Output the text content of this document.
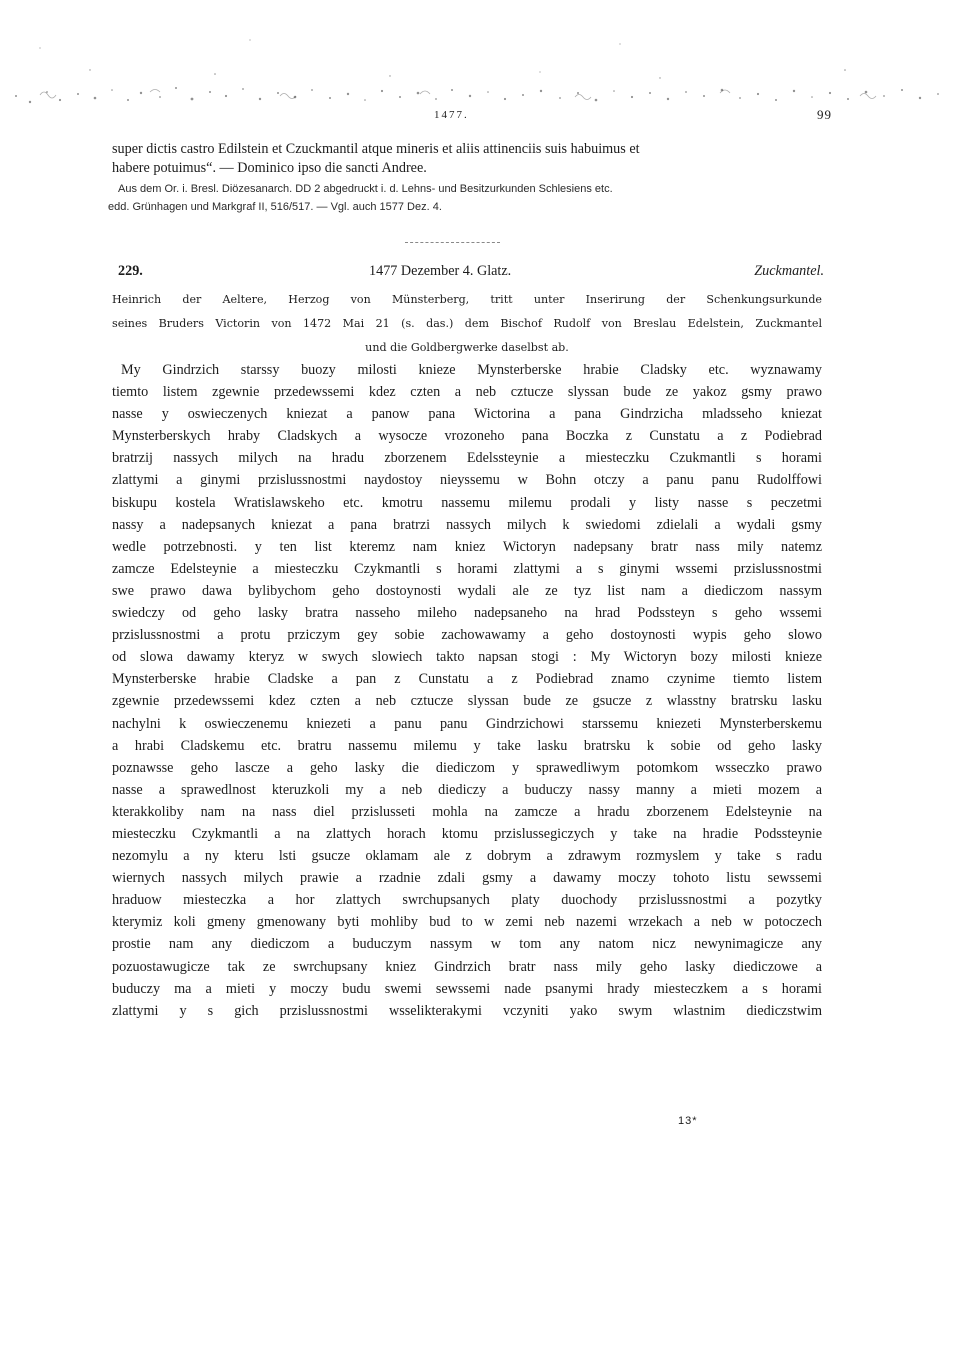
1477.	99
super dictis castro Edilstein et Czuckmantil atque mineris et aliis attinenciis suis habuimus et
habere potuimus“. — Dominico ipso die sancti Andree.
Aus dem Or. i. Bresl. Diözesanarch. DD 2 abgedruckt i. d. Lehns- und Besitzurkunden Schlesiens etc.
edd. Grünhagen und Markgraf II, 516/517. — Vgl. auch 1577 Dez. 4.
229.	1477 Dezember 4. Glatz.	Zuckmantel.
Heinrich der Aeltere, Herzog von Münsterberg, tritt unter Inserirung der Schenkungsurkunde
seines Bruders Victorin von 1472 Mai 21 (s. das.) dem Bischof Rudolf von Breslau Edelstein, Zuckmantel
und die Goldbergwerke daselbst ab.
My Gindrzich starssy buozy milosti knieze Mynsterberske hrabie Cladsky etc. wyznawamy
tiemto listem zgewnie przedewssemi kdez czten a neb cztucze slyssan bude ze yakoz gsmy prawo
nasse y oswieczenych kniezat a panow pana Wictorina a pana Gindrzicha mladsseho kniezat
Mynsterberskych hraby Cladskych a wysocze vrozoneho pana Boczka z Cunstatu a z Podiebrad
bratrzij nassych milych na hradu zborzenem Edelssteynie a miesteczku Czukmantli s horami
zlattymi a ginymi przislussnostmi naydostoy nieyssemu w Bohn otczy a panu panu Rudolffowi
biskupu kostela Wratislawskeho etc. kmotru nassemu milemu prodali y listy nasse s peczetmi
nassy a nadepsanych kniezat a pana bratrzi nassych milych k swiedomi zdielali a wydali gsmy
wedle potrzebnosti. y ten list kteremz nam kniez Wictoryn nadepsany bratr nass mily natemz
zamcze Edelsteynie a miesteczku Czykmantli s horami zlattymi a s ginymi wssemi przislussnostmi
swe prawo dawa bylibychom geho dostoynosti wydali ale ze tyz list nam a diediczom nassym
swiedczy od geho lasky bratra nasseho mileho nadepsaneho na hrad Podssteyn s geho wssemi
przislussnostmi a protu prziczym gey sobie zachowawamy a geho dostoynosti wypis geho slowo
od slowa dawamy kteryz w swych slowiech takto napsan stogi : My Wictoryn bozy milosti knieze
Mynsterberske hrabie Cladske a pan z Cunstatu a z Podiebrad znamo czynime tiemto listem
zgewnie przedewssemi kdez czten a neb cztucze slyssan bude ze gsucze z wlasstny bratrsku lasku
nachylni k oswieczenemu kniezeti a panu panu Gindrzichowi starssemu kniezeti Mynsterberskemu
a hrabi Cladskemu etc. bratru nassemu milemu y take lasku bratrsku k sobie od geho lasky
poznawsse geho lascze a geho lasky die diediczom y sprawedliwym potomkom wsseczko prawo
nasse a sprawedlnost kteruzkoli my a neb diediczy a buduczy nassy manny a mieti mozem a
kterakkoliby nam na nass diel przislusseti mohla na zamcze a hradu zborzenem Edelsteynie na
miesteczku Czykmantli a na zlattych horach ktomu przislussegiczych y take na hradie Podssteynie
nezomylu a ny kteru lsti gsucze oklamam ale z dobrym a zdrawym rozmyslem y take s radu
wiernych nassych milych prawie a rzadnie zdali gsmy a dawamy moczy tohoto listu sewssemi
hraduow miesteczka a hor zlattych swrchupsanych platy duochody przislussnostmi a pozytky
kterymiz koli gmeny gmenowany byti mohliby bud to w zemi neb nazemi wrzekach a neb w potoczech
prostie nam any diediczom a buduczym nassym w tom any natom nicz newynimagicze any
pozuostawugicze tak ze swrchupsany kniez Gindrzich bratr nass mily geho lasky diediczowe a
buduczy ma a mieti y moczy budu swemi sewssemi nade psanymi hrady miesteczkem a s horami
zlattymi y s gich przislussnostmi wsselikterakymi vczyniti yako swym wlastnim diediczstwim
13*
